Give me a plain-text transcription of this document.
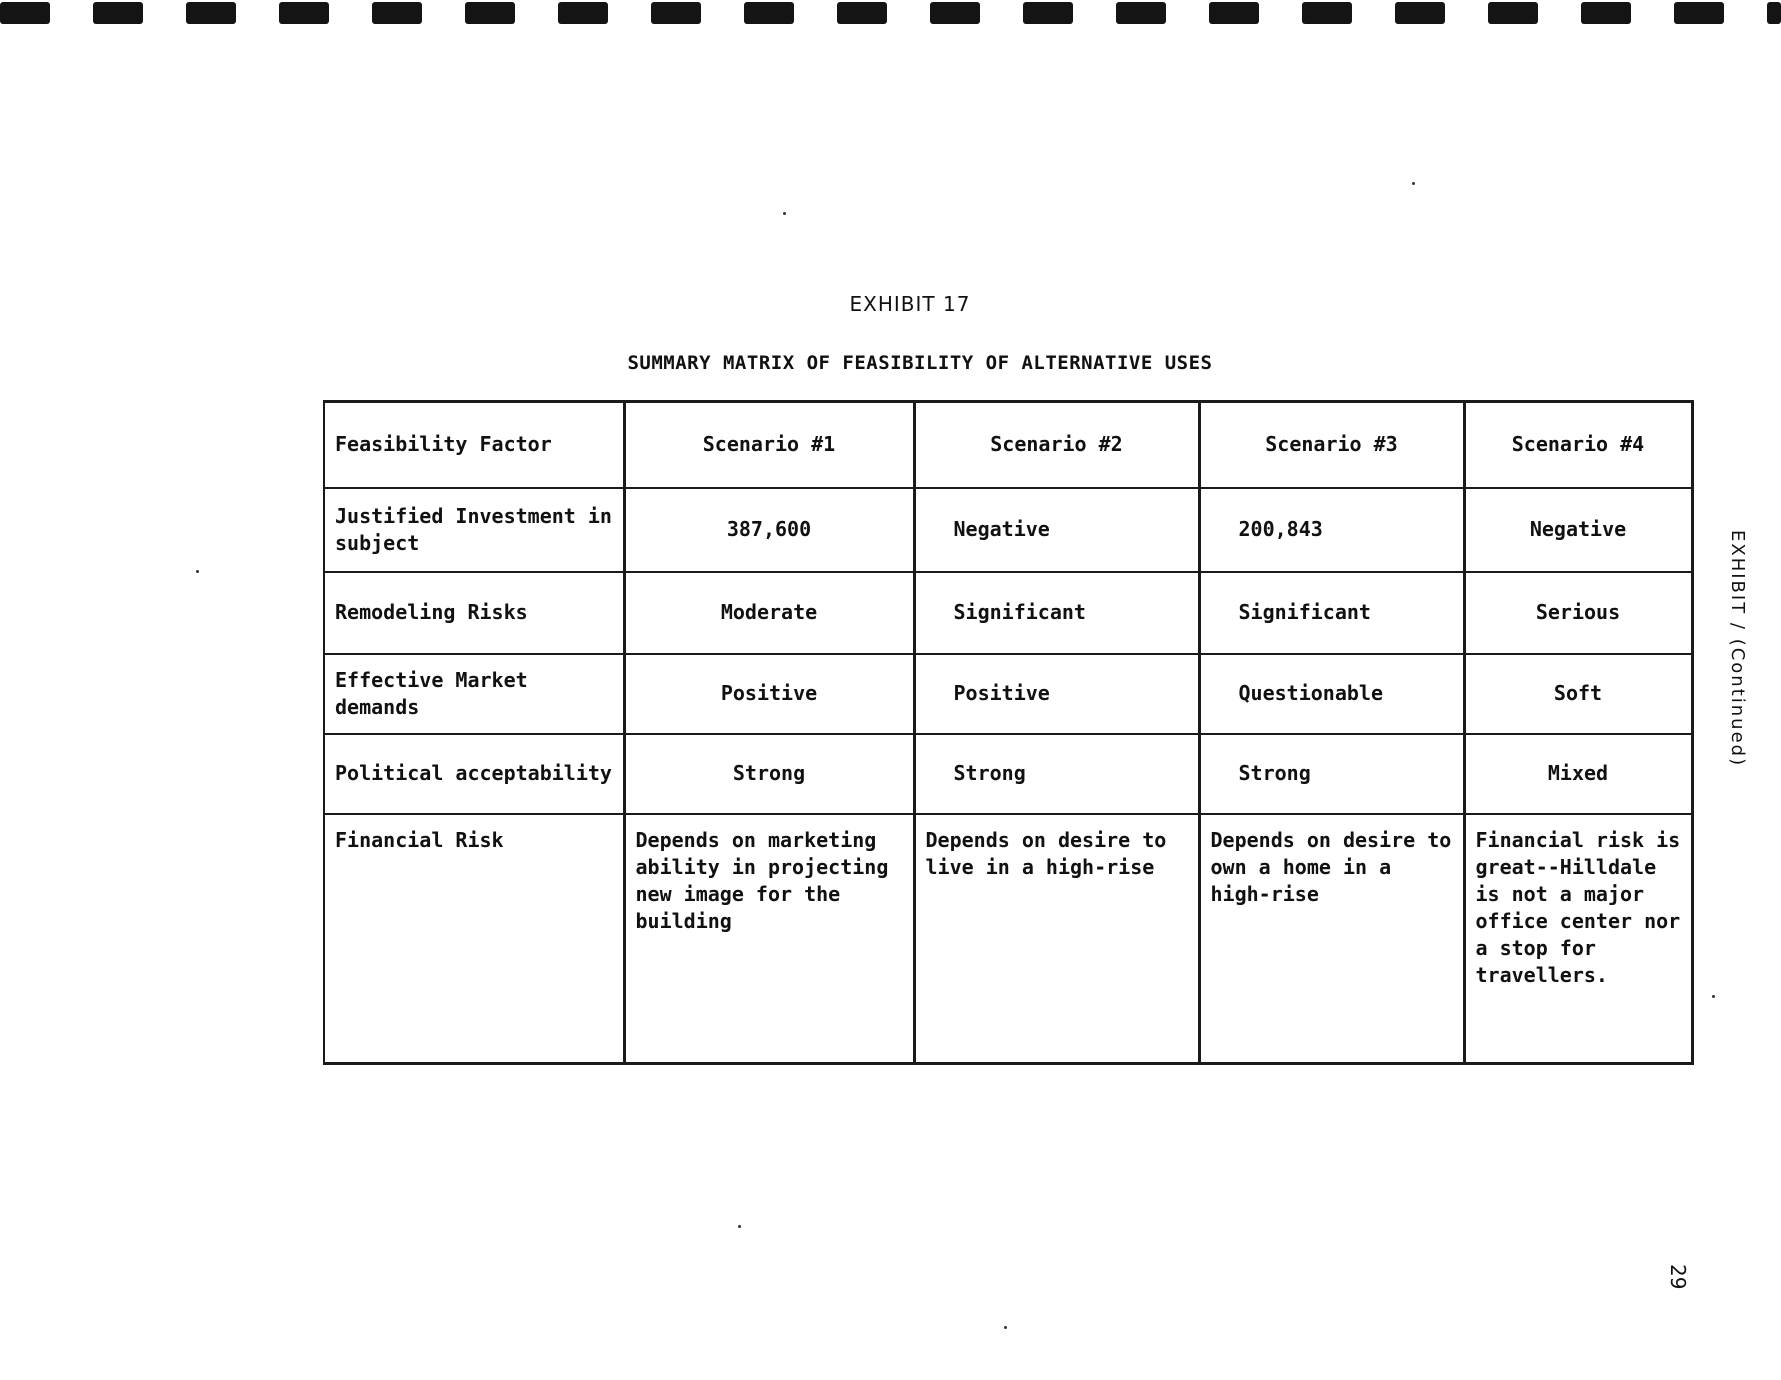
EXHIBIT 17
SUMMARY MATRIX OF FEASIBILITY OF ALTERNATIVE USES
Feasibility Factor	Scenario #1	Scenario #2	Scenario #3	Scenario #4
Justified Investment in subject	387,600	Negative	200,843	Negative
Remodeling Risks	Moderate	Significant	Significant	Serious
Effective Market demands	Positive	Positive	Questionable	Soft
Political acceptability	Strong	Strong	Strong	Mixed
Financial Risk	Depends on marketing ability in projecting new image for the building	Depends on desire to live in a high-rise	Depends on desire to own a home in a high-rise	Financial risk is great--Hilldale is not a major office center nor a stop for travellers.
EXHIBIT / (Continued)
29
